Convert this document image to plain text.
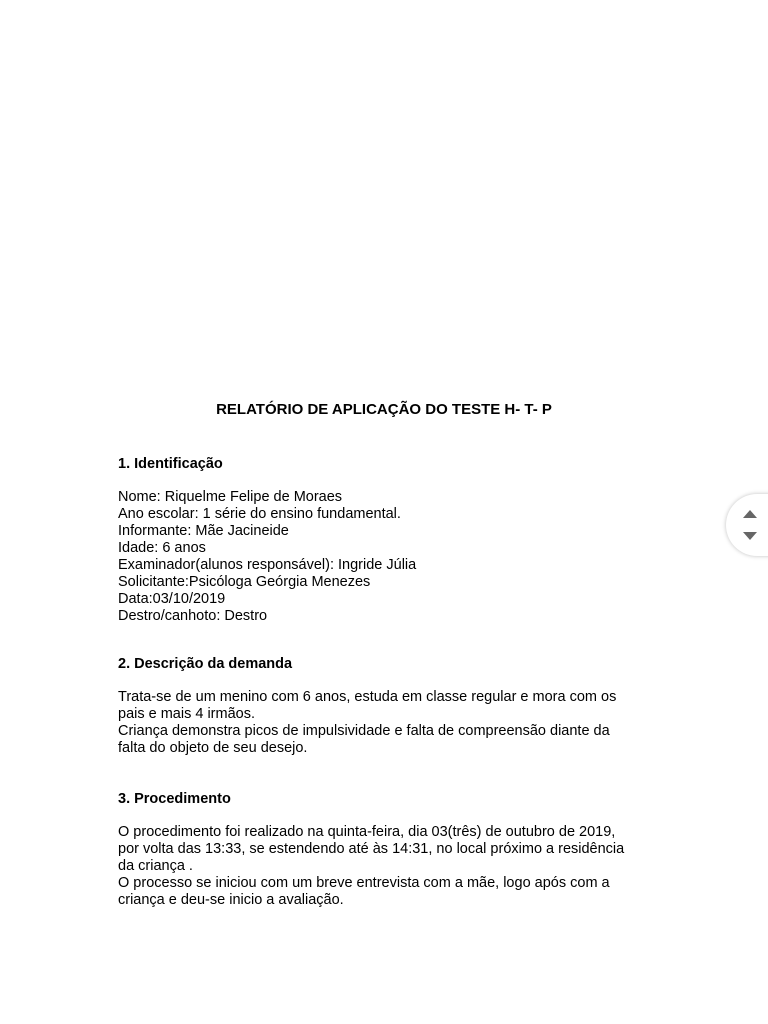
RELATÓRIO DE APLICAÇÃO DO TESTE H- T- P
1. Identificação
Nome: Riquelme Felipe de Moraes
Ano escolar: 1 série do ensino fundamental.
Informante: Mãe Jacineide
Idade: 6 anos
Examinador(alunos responsável): Ingride Júlia
Solicitante:Psicóloga Geórgia Menezes
Data:03/10/2019
Destro/canhoto: Destro
2. Descrição da demanda
Trata-se de um menino com 6 anos, estuda em classe regular e mora com os
pais e mais 4 irmãos.
Criança demonstra picos de impulsividade e falta de compreensão diante da
falta do objeto de seu desejo.
3. Procedimento
O procedimento foi realizado na quinta-feira, dia 03(três) de outubro de 2019,
por volta das 13:33, se estendendo até às 14:31, no local próximo a residência
da criança .
O processo se iniciou com um breve entrevista com a mãe, logo após com a
criança e deu-se inicio a avaliação.
